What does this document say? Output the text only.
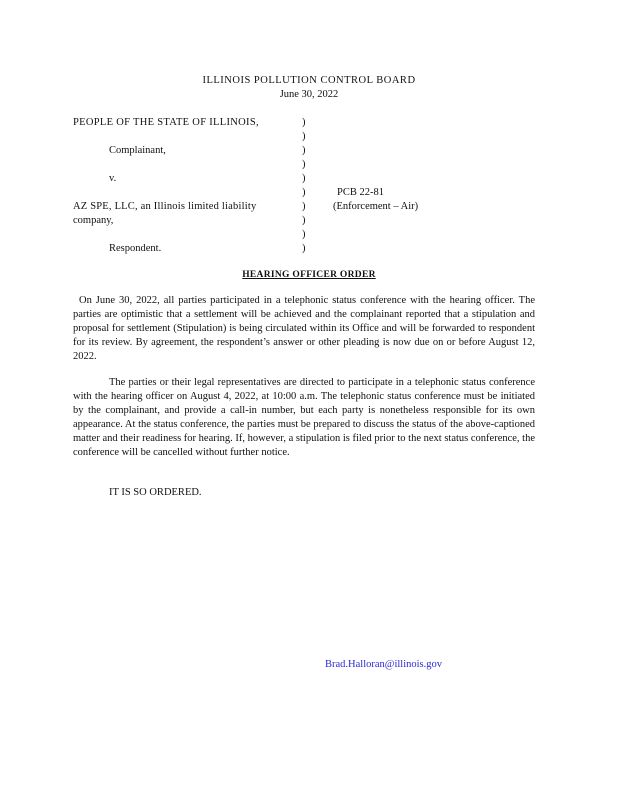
ILLINOIS POLLUTION CONTROL BOARD
June 30, 2022
PEOPLE OF THE STATE OF ILLINOIS,
Complainant,
v.
AZ SPE, LLC, an Illinois limited liability
company,
Respondent.
)
)
)
)
)
)
)
)
)
)
PCB 22-81
(Enforcement – Air)
HEARING OFFICER ORDER

On June 30, 2022, all parties participated in a telephonic status conference with the hearing officer. The parties are optimistic that a settlement will be achieved and the complainant reported that a stipulation and proposal for settlement (Stipulation) is being circulated within its Office and will be forwarded to respondent for its review. By agreement, the respondent’s answer or other pleading is now due on or before August 12, 2022.

The parties or their legal representatives are directed to participate in a telephonic status conference with the hearing officer on August 4, 2022, at 10:00 a.m. The telephonic status conference must be initiated by the complainant, and provide a call-in number, but each party is nonetheless responsible for its own appearance. At the status conference, the parties must be prepared to discuss the status of the above-captioned matter and their readiness for hearing. If, however, a stipulation is filed prior to the next status conference, the conference will be cancelled without further notice.

IT IS SO ORDERED.
Brad.Halloran@illinois.gov
